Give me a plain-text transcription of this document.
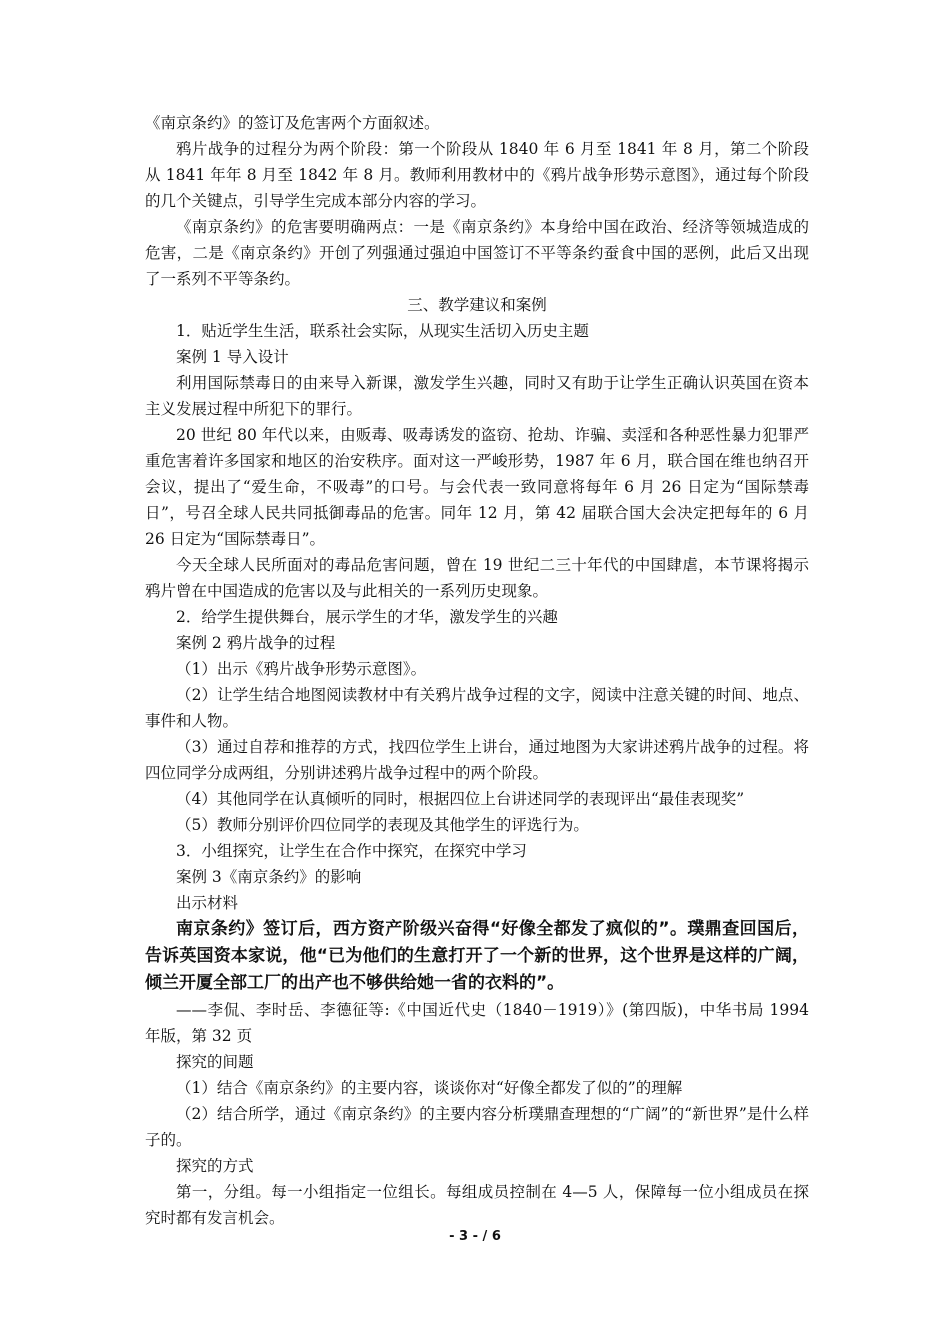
《南京条约》的签订及危害两个方面叙述。

鸦片战争的过程分为两个阶段：第一个阶段从 1840 年 6 月至 1841 年 8 月，第二个阶段从 1841 年年 8 月至 1842 年 8 月。教师利用教材中的《鸦片战争形势示意图》，通过每个阶段的几个关键点，引导学生完成本部分内容的学习。

《南京条约》的危害要明确两点：一是《南京条约》本身给中国在政治、经济等领城造成的危害，二是《南京条约》开创了列强通过强迫中国签订不平等条约蚕食中国的恶例，此后又出现了一系列不平等条约。

三、教学建议和案例

1．贴近学生生活，联系社会实际，从现实生活切入历史主题

案例 1 导入设计

利用国际禁毒日的由来导入新课，激发学生兴趣，同时又有助于让学生正确认识英国在资本主义发展过程中所犯下的罪行。

20 世纪 80 年代以来，由贩毒、吸毒诱发的盗窃、抢劫、诈骗、卖淫和各种恶性暴力犯罪严重危害着许多国家和地区的治安秩序。面对这一严峻形势，1987 年 6 月，联合国在维也纳召开会议，提出了“爱生命，不吸毒”的口号。与会代表一致同意将每年 6 月 26 日定为“国际禁毒日”，号召全球人民共同抵御毒品的危害。同年 12 月，第 42 届联合国大会决定把每年的 6 月 26 日定为“国际禁毒日”。

今天全球人民所面对的毒品危害问题，曾在 19 世纪二三十年代的中国肆虐，本节课将揭示鸦片曾在中国造成的危害以及与此相关的一系列历史现象。

2．给学生提供舞台，展示学生的才华，激发学生的兴趣

案例 2 鸦片战争的过程

（1）出示《鸦片战争形势示意图》。

（2）让学生结合地图阅读教材中有关鸦片战争过程的文字，阅读中注意关键的时间、地点、事件和人物。

（3）通过自荐和推荐的方式，找四位学生上讲台，通过地图为大家讲述鸦片战争的过程。将四位同学分成两组，分别讲述鸦片战争过程中的两个阶段。

（4）其他同学在认真倾听的同时，根据四位上台讲述同学的表现评出“最佳表现奖”

（5）教师分别评价四位同学的表现及其他学生的评选行为。

3．小组探究，让学生在合作中探究，在探究中学习

案例 3《南京条约》的影响

出示材料

南京条约》签订后，西方资产阶级兴奋得“好像全都发了疯似的”。璞鼎查回国后，告诉英国资本家说，他“已为他们的生意打开了一个新的世界，这个世界是这样的广阔，倾兰开厦全部工厂的出产也不够供给她一省的衣料的”。

——李侃、李时岳、李德征等:《中国近代史（1840－1919）》(第四版)，中华书局 1994 年版，第 32 页

探究的间题

（1）结合《南京条约》的主要内容，谈谈你对“好像全都发了似的”的理解

（2）结合所学，通过《南京条约》的主要内容分析璞鼎查理想的“广阔”的“新世界”是什么样子的。

探究的方式

第一，分组。每一小组指定一位组长。每组成员控制在 4—5 人，保障每一位小组成员在探究时都有发言机会。

- 3 - / 6
